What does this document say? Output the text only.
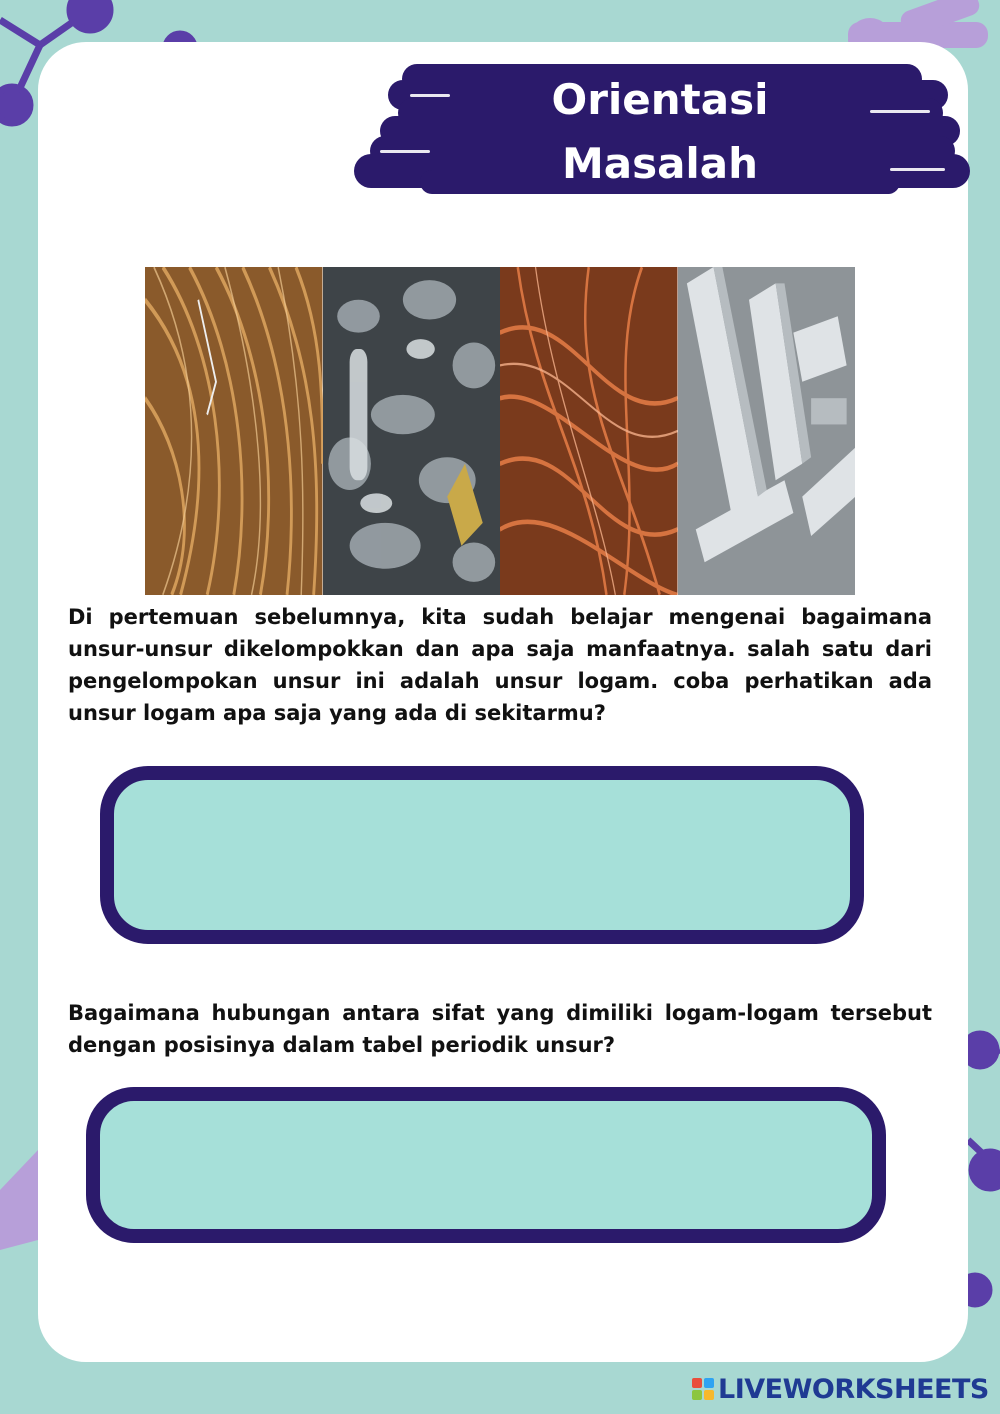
Orientasi
Masalah

Di pertemuan sebelumnya, kita sudah belajar mengenai bagaimana unsur-unsur dikelompokkan dan apa saja manfaatnya. salah satu dari pengelompokan unsur ini adalah unsur logam. coba perhatikan ada unsur logam apa saja yang ada di sekitarmu?

Bagaimana hubungan antara sifat yang dimiliki logam-logam tersebut dengan posisinya dalam tabel periodik unsur?

LIVEWORKSHEETS
